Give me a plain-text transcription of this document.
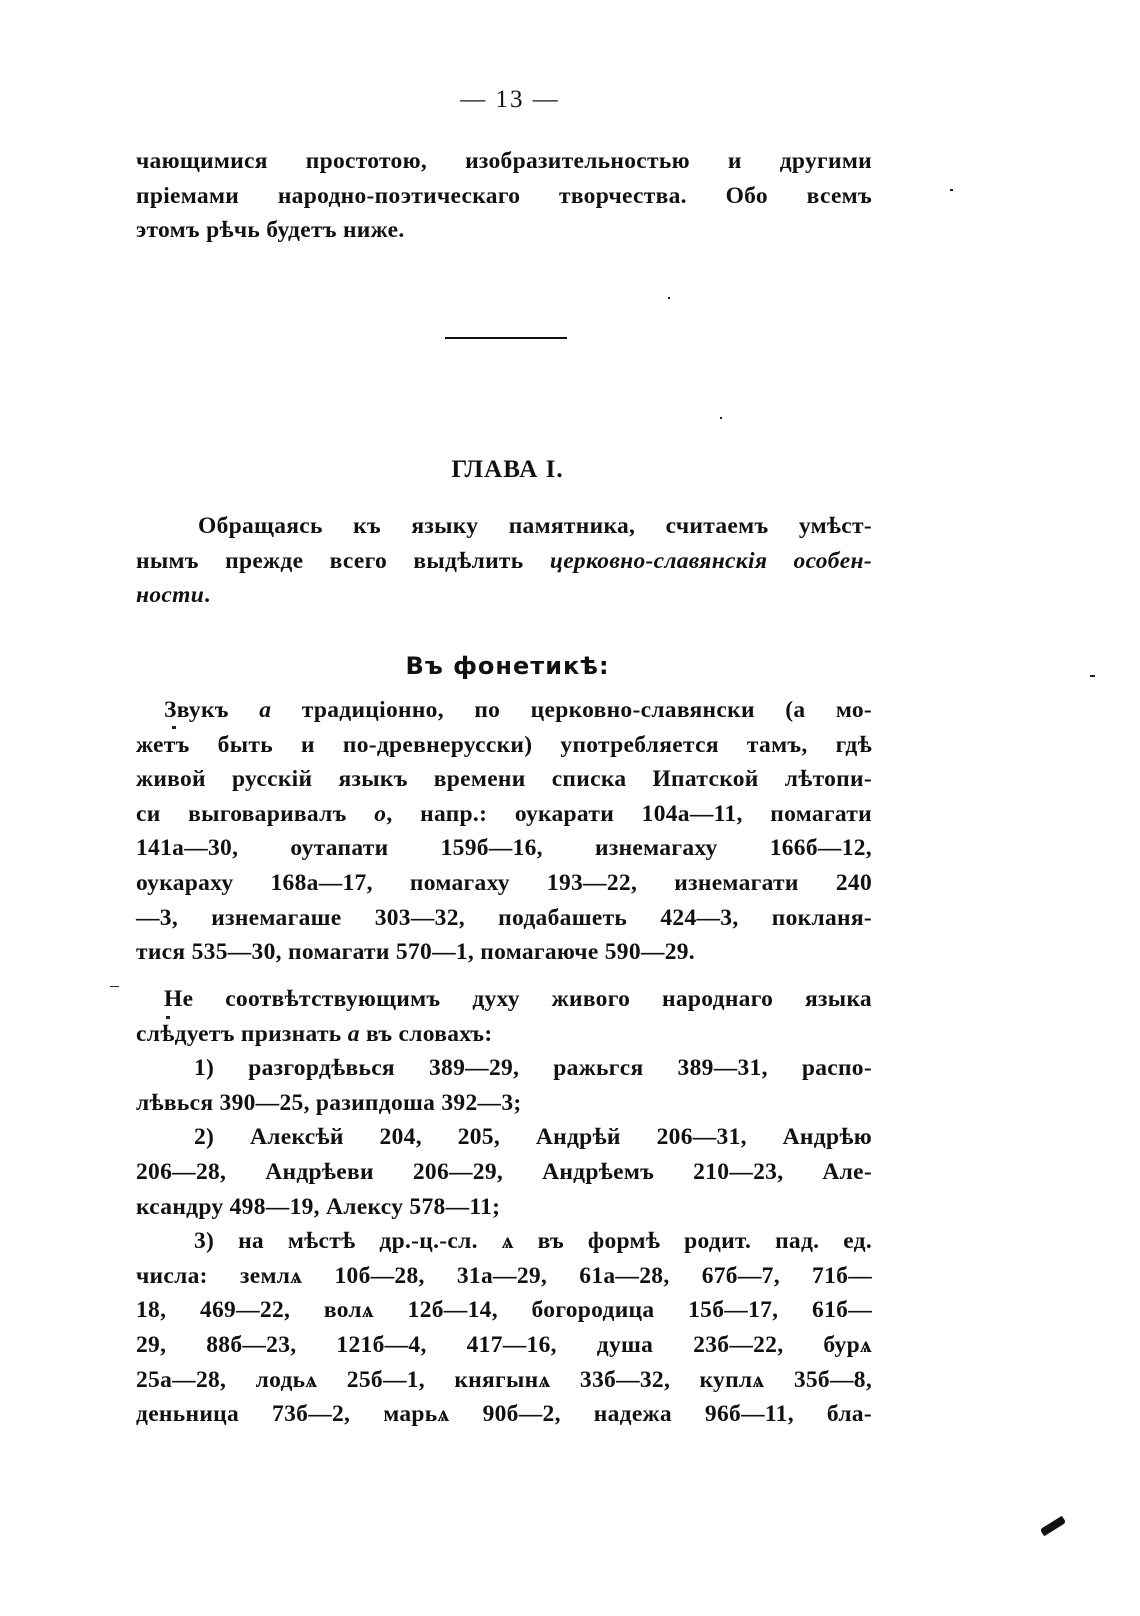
— 13 —
чающимися простотою, изобразительностью и другими
пріемами народно-поэтическаго творчества. Обо всемъ
этомъ рѣчь будетъ ниже.
ГЛАВА I.
Обращаясь къ языку памятника, считаемъ умѣст-
нымъ прежде всего выдѣлить церковно-славянскія особен-
ности.
Въ фонетикѣ:
Звукъ а традиціонно, по церковно-славянски (а мо-
жетъ быть и по-древнерусски) употребляется тамъ, гдѣ
живой русскій языкъ времени списка Ипатской лѣтопи-
си выговаривалъ о, напр.: оукарати 104а—11, помагати
141а—30, оутапати 159б—16, изнемагаху 166б—12,
оукараху 168а—17, помагаху 193—22, изнемагати 240
—3, изнемагаше 303—32, подабашеть 424—3, покланя-
тися 535—30, помагати 570—1, помагаюче 590—29.
Не соотвѣтствующимъ духу живого народнаго языка
слѣдуетъ признать а въ словахъ:
1) разгордѣвься 389—29, ражьгся 389—31, распо-
лѣвься 390—25, разипдоша 392—3;
2) Алексѣй 204, 205, Андрѣй 206—31, Андрѣю
206—28, Андрѣеви 206—29, Андрѣемъ 210—23, Але-
ксандру 498—19, Алексу 578—11;
3) на мѣстѣ др.-ц.-сл. ѧ въ формѣ родит. пад. ед.
числа: землѧ 10б—28, 31а—29, 61а—28, 67б—7, 71б—
18, 469—22, волѧ 12б—14, богородица 15б—17, 61б—
29, 88б—23, 121б—4, 417—16, душа 23б—22, бурѧ
25а—28, лодьѧ 25б—1, княгынѧ 33б—32, куплѧ 35б—8,
деньница 73б—2, марьѧ 90б—2, надежа 96б—11, бла-
